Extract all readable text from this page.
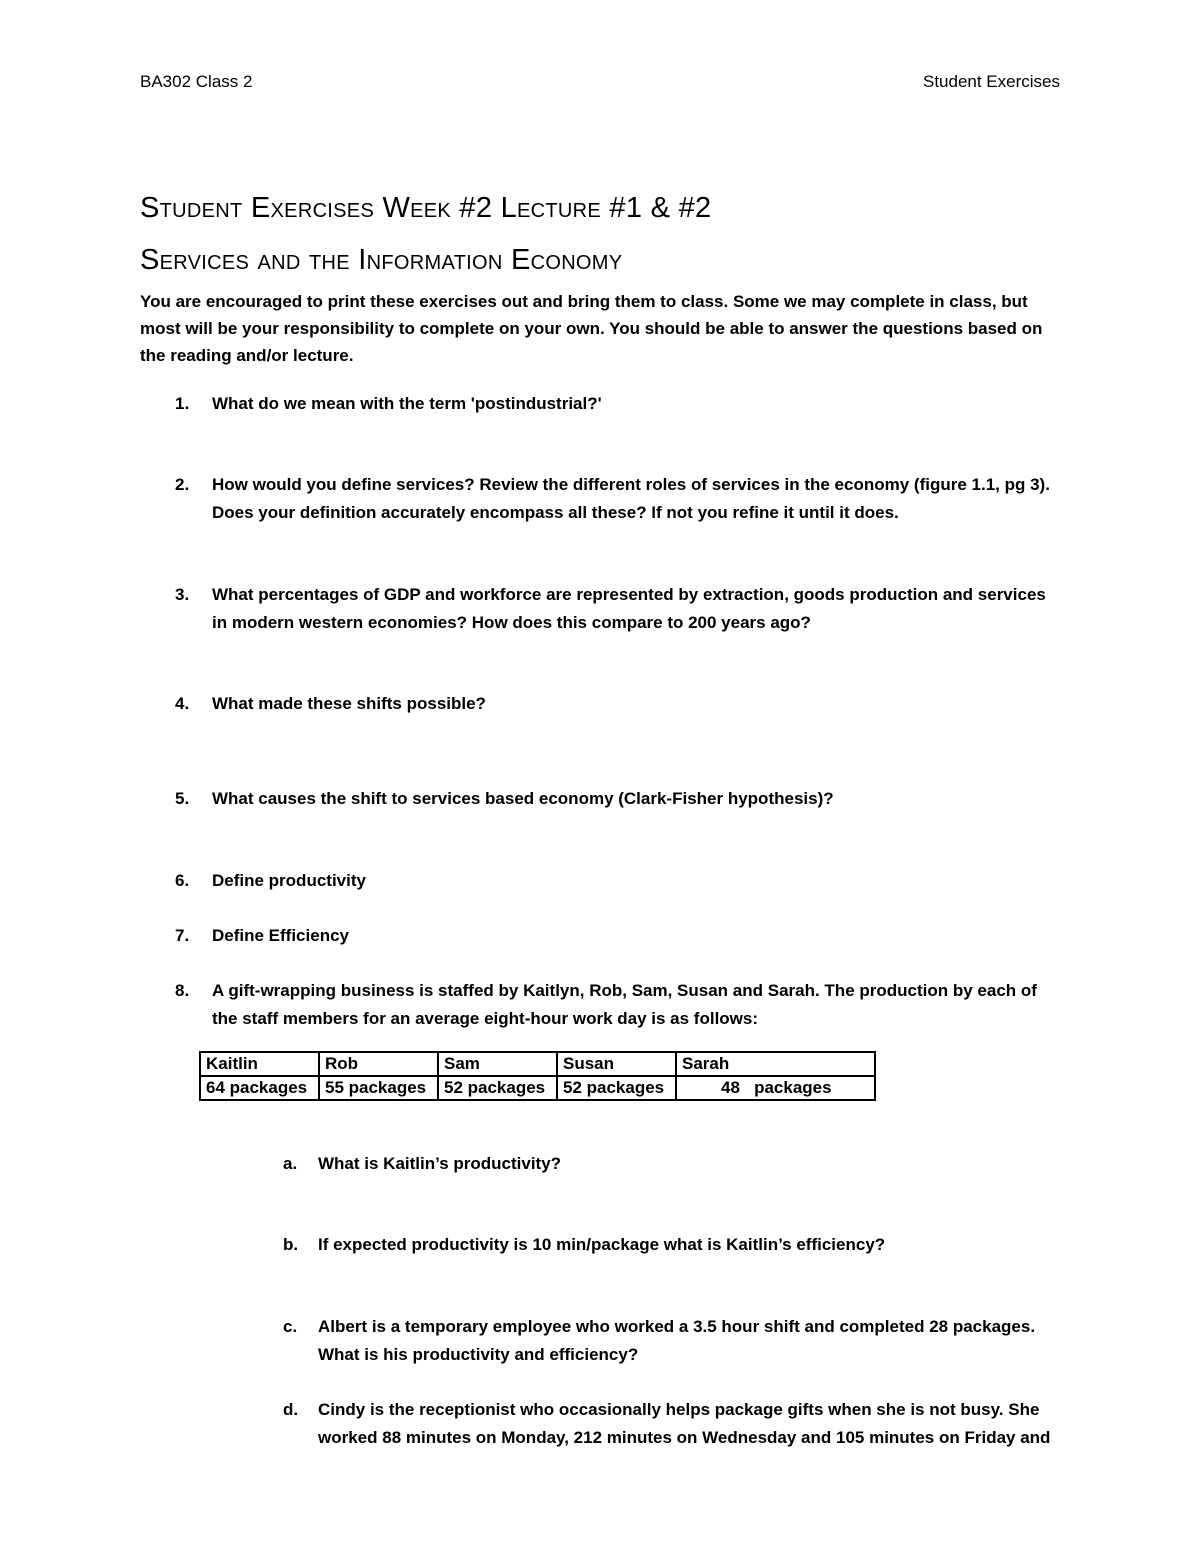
BA302 Class 2	Student Exercises
Student Exercises Week #2 Lecture #1 & #2
Services and the Information Economy
You are encouraged to print these exercises out and bring them to class. Some we may complete in class, but most will be your responsibility to complete on your own. You should be able to answer the questions based on the reading and/or lecture.
1. What do we mean with the term 'postindustrial?'
2. How would you define services? Review the different roles of services in the economy (figure 1.1, pg 3). Does your definition accurately encompass all these? If not you refine it until it does.
3. What percentages of GDP and workforce are represented by extraction, goods production and services in modern western economies? How does this compare to 200 years ago?
4. What made these shifts possible?
5. What causes the shift to services based economy (Clark-Fisher hypothesis)?
6. Define productivity
7. Define Efficiency
8. A gift-wrapping business is staffed by Kaitlyn, Rob, Sam, Susan and Sarah. The production by each of the staff members for an average eight-hour work day is as follows:
Kaitlin	Rob	Sam	Susan	Sarah
64 packages	55 packages	52 packages	52 packages	48   packages
a. What is Kaitlin’s productivity?
b. If expected productivity is 10 min/package what is Kaitlin’s efficiency?
c. Albert is a temporary employee who worked a 3.5 hour shift and completed 28 packages. What is his productivity and efficiency?
d. Cindy is the receptionist who occasionally helps package gifts when she is not busy. She worked 88 minutes on Monday, 212 minutes on Wednesday and 105 minutes on Friday and
